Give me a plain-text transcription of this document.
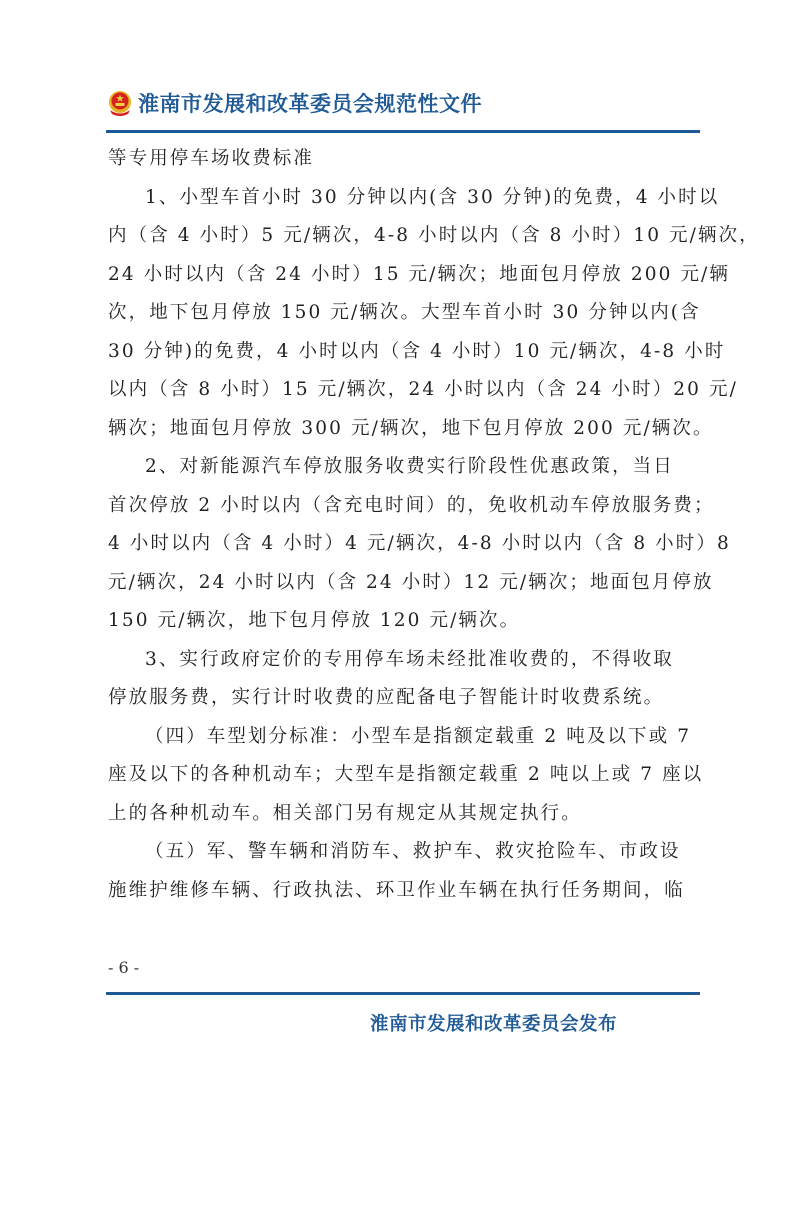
淮南市发展和改革委员会规范性文件
等专用停车场收费标准
1、小型车首小时 30 分钟以内(含 30 分钟)的免费，4 小时以
内（含 4 小时）5 元/辆次，4-8 小时以内（含 8 小时）10 元/辆次，
24 小时以内（含 24 小时）15 元/辆次；地面包月停放 200 元/辆
次，地下包月停放 150 元/辆次。大型车首小时 30 分钟以内(含
30 分钟)的免费，4 小时以内（含 4 小时）10 元/辆次，4-8 小时
以内（含 8 小时）15 元/辆次，24 小时以内（含 24 小时）20 元/
辆次；地面包月停放 300 元/辆次，地下包月停放 200 元/辆次。
2、对新能源汽车停放服务收费实行阶段性优惠政策，当日
首次停放 2 小时以内（含充电时间）的，免收机动车停放服务费；
4 小时以内（含 4 小时）4 元/辆次，4-8 小时以内（含 8 小时）8
元/辆次，24 小时以内（含 24 小时）12 元/辆次；地面包月停放
150 元/辆次，地下包月停放 120 元/辆次。
3、实行政府定价的专用停车场未经批准收费的，不得收取
停放服务费，实行计时收费的应配备电子智能计时收费系统。
（四）车型划分标准：小型车是指额定载重 2 吨及以下或 7
座及以下的各种机动车；大型车是指额定载重 2 吨以上或 7 座以
上的各种机动车。相关部门另有规定从其规定执行。
（五）军、警车辆和消防车、救护车、救灾抢险车、市政设
施维护维修车辆、行政执法、环卫作业车辆在执行任务期间，临
- 6 -
淮南市发展和改革委员会发布
